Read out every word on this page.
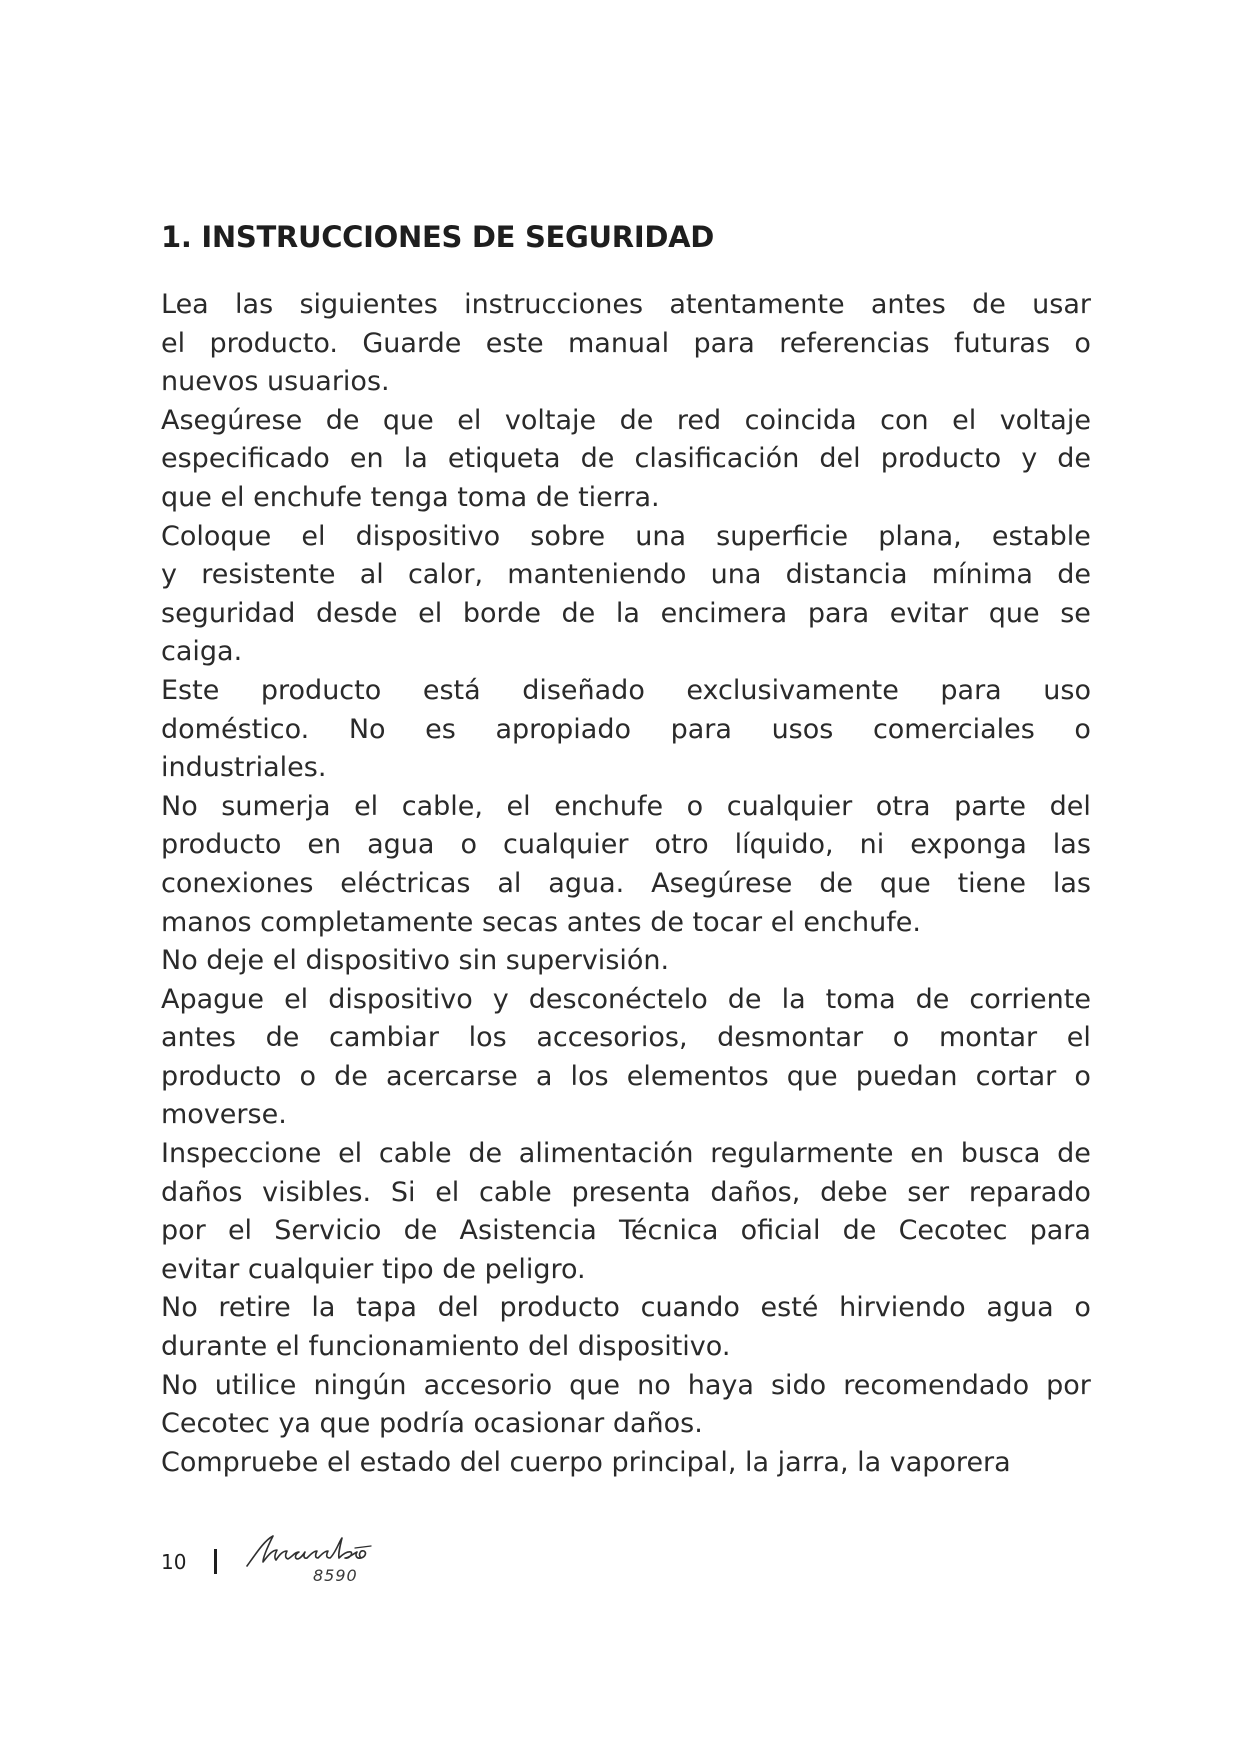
1. INSTRUCCIONES DE SEGURIDAD
Lea las siguientes instrucciones atentamente antes de usar
el producto. Guarde este manual para referencias futuras o
nuevos usuarios.
Asegúrese de que el voltaje de red coincida con el voltaje
especificado en la etiqueta de clasificación del producto y de
que el enchufe tenga toma de tierra.
Coloque el dispositivo sobre una superficie plana, estable
y resistente al calor, manteniendo una distancia mínima de
seguridad desde el borde de la encimera para evitar que se
caiga.
Este producto está diseñado exclusivamente para uso
doméstico. No es apropiado para usos comerciales o
industriales.
No sumerja el cable, el enchufe o cualquier otra parte del
producto en agua o cualquier otro líquido, ni exponga las
conexiones eléctricas al agua. Asegúrese de que tiene las
manos completamente secas antes de tocar el enchufe.
No deje el dispositivo sin supervisión.
Apague el dispositivo y desconéctelo de la toma de corriente
antes de cambiar los accesorios, desmontar o montar el
producto o de acercarse a los elementos que puedan cortar o
moverse.
Inspeccione el cable de alimentación regularmente en busca de
daños visibles. Si el cable presenta daños, debe ser reparado
por el Servicio de Asistencia Técnica oficial de Cecotec para
evitar cualquier tipo de peligro.
No retire la tapa del producto cuando esté hirviendo agua o
durante el funcionamiento del dispositivo.
No utilice ningún accesorio que no haya sido recomendado por
Cecotec ya que podría ocasionar daños.
Compruebe el estado del cuerpo principal, la jarra, la vaporera
10
8590
